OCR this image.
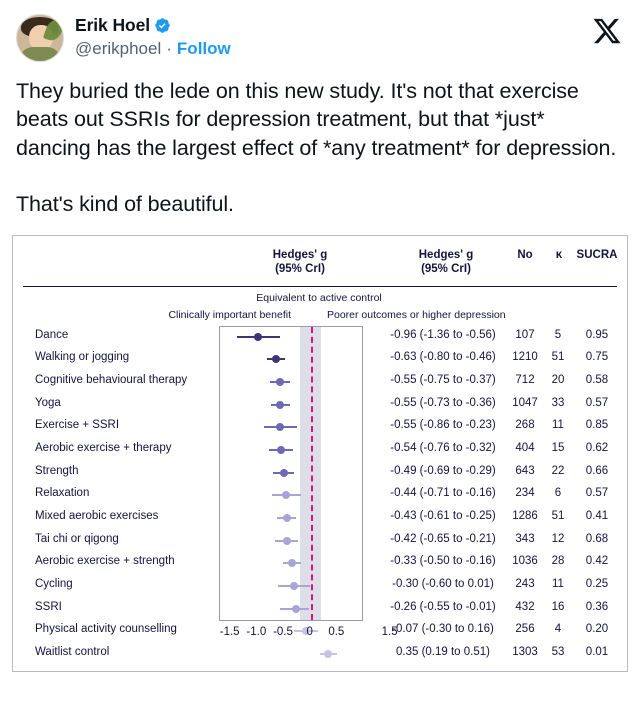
Erik Hoel
@erikphoel · Follow

They buried the lede on this new study. It's not that exercise beats out SSRIs for depression treatment, but that *just* dancing has the largest effect of *any treatment* for depression.

That's kind of beautiful.

Hedges' g
(95% CrI)
Hedges' g
(95% CrI)
No	κ	SUCRA
Equivalent to active control
Clinically important benefit	Poorer outcomes or higher depression
Dance	-0.96 (-1.36 to -0.56)	107	5	0.95
Walking or jogging	-0.63 (-0.80 to -0.46)	1210	51	0.75
Cognitive behavioural therapy	-0.55 (-0.75 to -0.37)	712	20	0.58
Yoga	-0.55 (-0.73 to -0.36)	1047	33	0.57
Exercise + SSRI	-0.55 (-0.86 to -0.23)	268	11	0.85
Aerobic exercise + therapy	-0.54 (-0.76 to -0.32)	404	15	0.62
Strength	-0.49 (-0.69 to -0.29)	643	22	0.66
Relaxation	-0.44 (-0.71 to -0.16)	234	6	0.57
Mixed aerobic exercises	-0.43 (-0.61 to -0.25)	1286	51	0.41
Tai chi or qigong	-0.42 (-0.65 to -0.21)	343	12	0.68
Aerobic exercise + strength	-0.33 (-0.50 to -0.16)	1036	28	0.42
Cycling	-0.30 (-0.60 to 0.01)	243	11	0.25
SSRI	-0.26 (-0.55 to -0.01)	432	16	0.36
Physical activity counselling	-0.07 (-0.30 to 0.16)	256	4	0.20
Waitlist control	0.35 (0.19 to 0.51)	1303	53	0.01
-1.5 -1.0 -0.5 0 0.5	1.5
